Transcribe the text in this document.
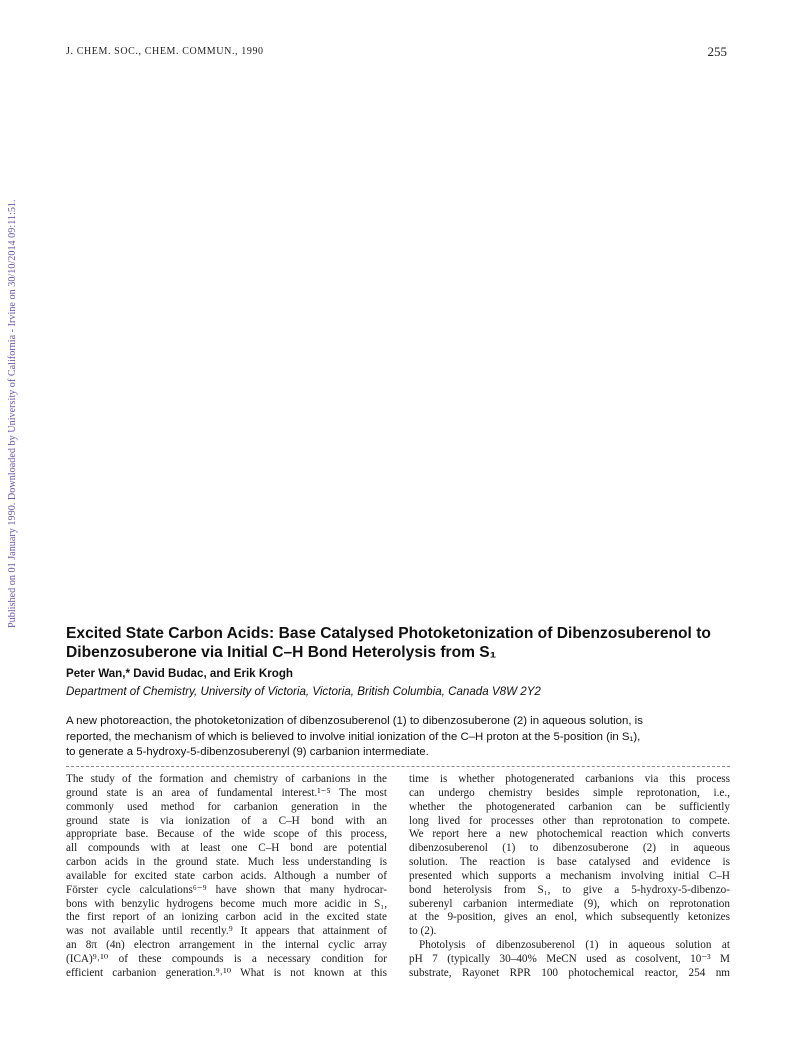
J. CHEM. SOC., CHEM. COMMUN., 1990	255
Published on 01 January 1990. Downloaded by University of California - Irvine on 30/10/2014 09:11:51.
Excited State Carbon Acids: Base Catalysed Photoketonization of Dibenzosuberenol to
Dibenzosuberone via Initial C–H Bond Heterolysis from S₁
Peter Wan,* David Budac, and Erik Krogh
Department of Chemistry, University of Victoria, Victoria, British Columbia, Canada V8W 2Y2
A new photoreaction, the photoketonization of dibenzosuberenol (1) to dibenzosuberone (2) in aqueous solution, is
reported, the mechanism of which is believed to involve initial ionization of the C–H proton at the 5-position (in S₁),
to generate a 5-hydroxy-5-dibenzosuberenyl (9) carbanion intermediate.
The study of the formation and chemistry of carbanions in the
ground state is an area of fundamental interest.¹⁻⁵ The most
commonly used method for carbanion generation in the
ground state is via ionization of a C–H bond with an
appropriate base. Because of the wide scope of this process,
all compounds with at least one C–H bond are potential
carbon acids in the ground state. Much less understanding is
available for excited state carbon acids. Although a number of
Förster cycle calculations⁶⁻⁹ have shown that many hydrocar-
bons with benzylic hydrogens become much more acidic in S₁,
the first report of an ionizing carbon acid in the excited state
was not available until recently.⁹ It appears that attainment of
an 8π (4n) electron arrangement in the internal cyclic array
(ICA)⁹˒¹⁰ of these compounds is a necessary condition for
efficient carbanion generation.⁹˒¹⁰ What is not known at this
time is whether photogenerated carbanions via this process
can undergo chemistry besides simple reprotonation, i.e.,
whether the photogenerated carbanion can be sufficiently
long lived for processes other than reprotonation to compete.
We report here a new photochemical reaction which converts
dibenzosuberenol (1) to dibenzosuberone (2) in aqueous
solution. The reaction is base catalysed and evidence is
presented which supports a mechanism involving initial C–H
bond heterolysis from S₁, to give a 5-hydroxy-5-dibenzo-
suberenyl carbanion intermediate (9), which on reprotonation
at the 9-position, gives an enol, which subsequently ketonizes
to (2).
Photolysis of dibenzosuberenol (1) in aqueous solution at
pH 7 (typically 30–40% MeCN used as cosolvent, 10⁻³ M
substrate, Rayonet RPR 100 photochemical reactor, 254 nm
